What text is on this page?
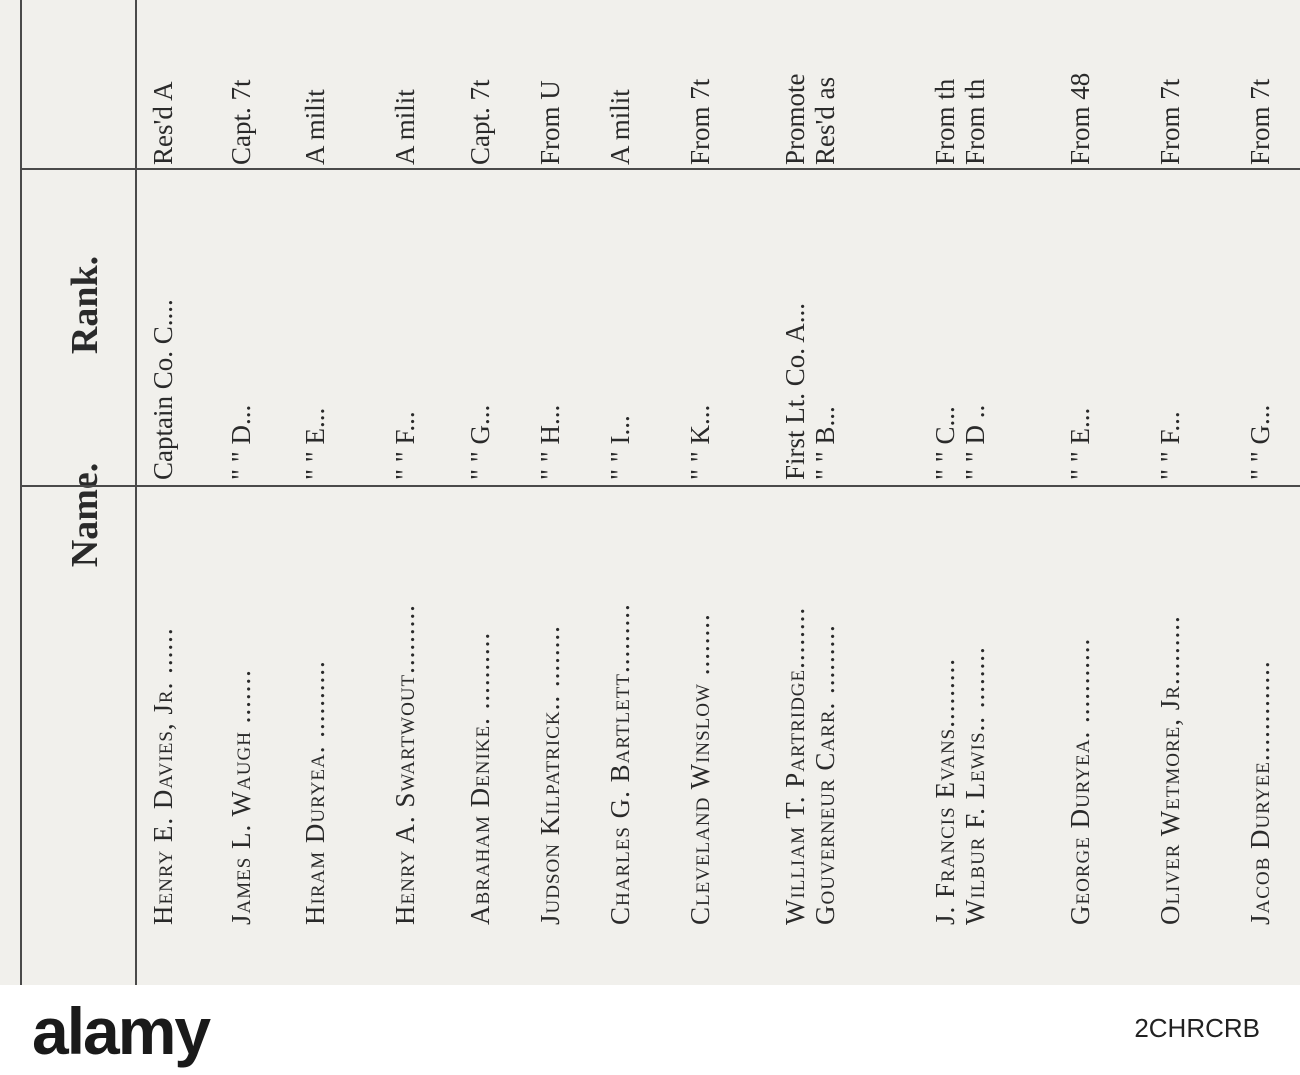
Name.
Rank.
Henry E. Davies, Jr. ......
Captain Co. C....
Res'd A
James L. Waugh .......
" " D...
Capt. 7t
Hiram Duryea. ..........
" " E...
A milit
Henry A. Swartwout.........
" " F...
A milit
Abraham Denike. ..........
" " G...
Capt. 7t
Judson Kilpatrick.. ........
" " H...
From U
Charles G. Bartlett.........
" " I...
A milit
Cleveland Winslow ........
" " K...
From 7t
William T. Partridge........
First Lt. Co. A...
Promote
Gouverneur Carr. .........
" " B...
Res'd as
J. Francis Evans.........
" " C...
From th
Wilbur F. Lewis.. ........
" " D ..
From th
George Duryea. ...........
" " E...
From 48
Oliver Wetmore, Jr.........
" " F...
From 7t
Jacob Duryee.............
" " G...
From 7t
alamy	2CHRCRB
